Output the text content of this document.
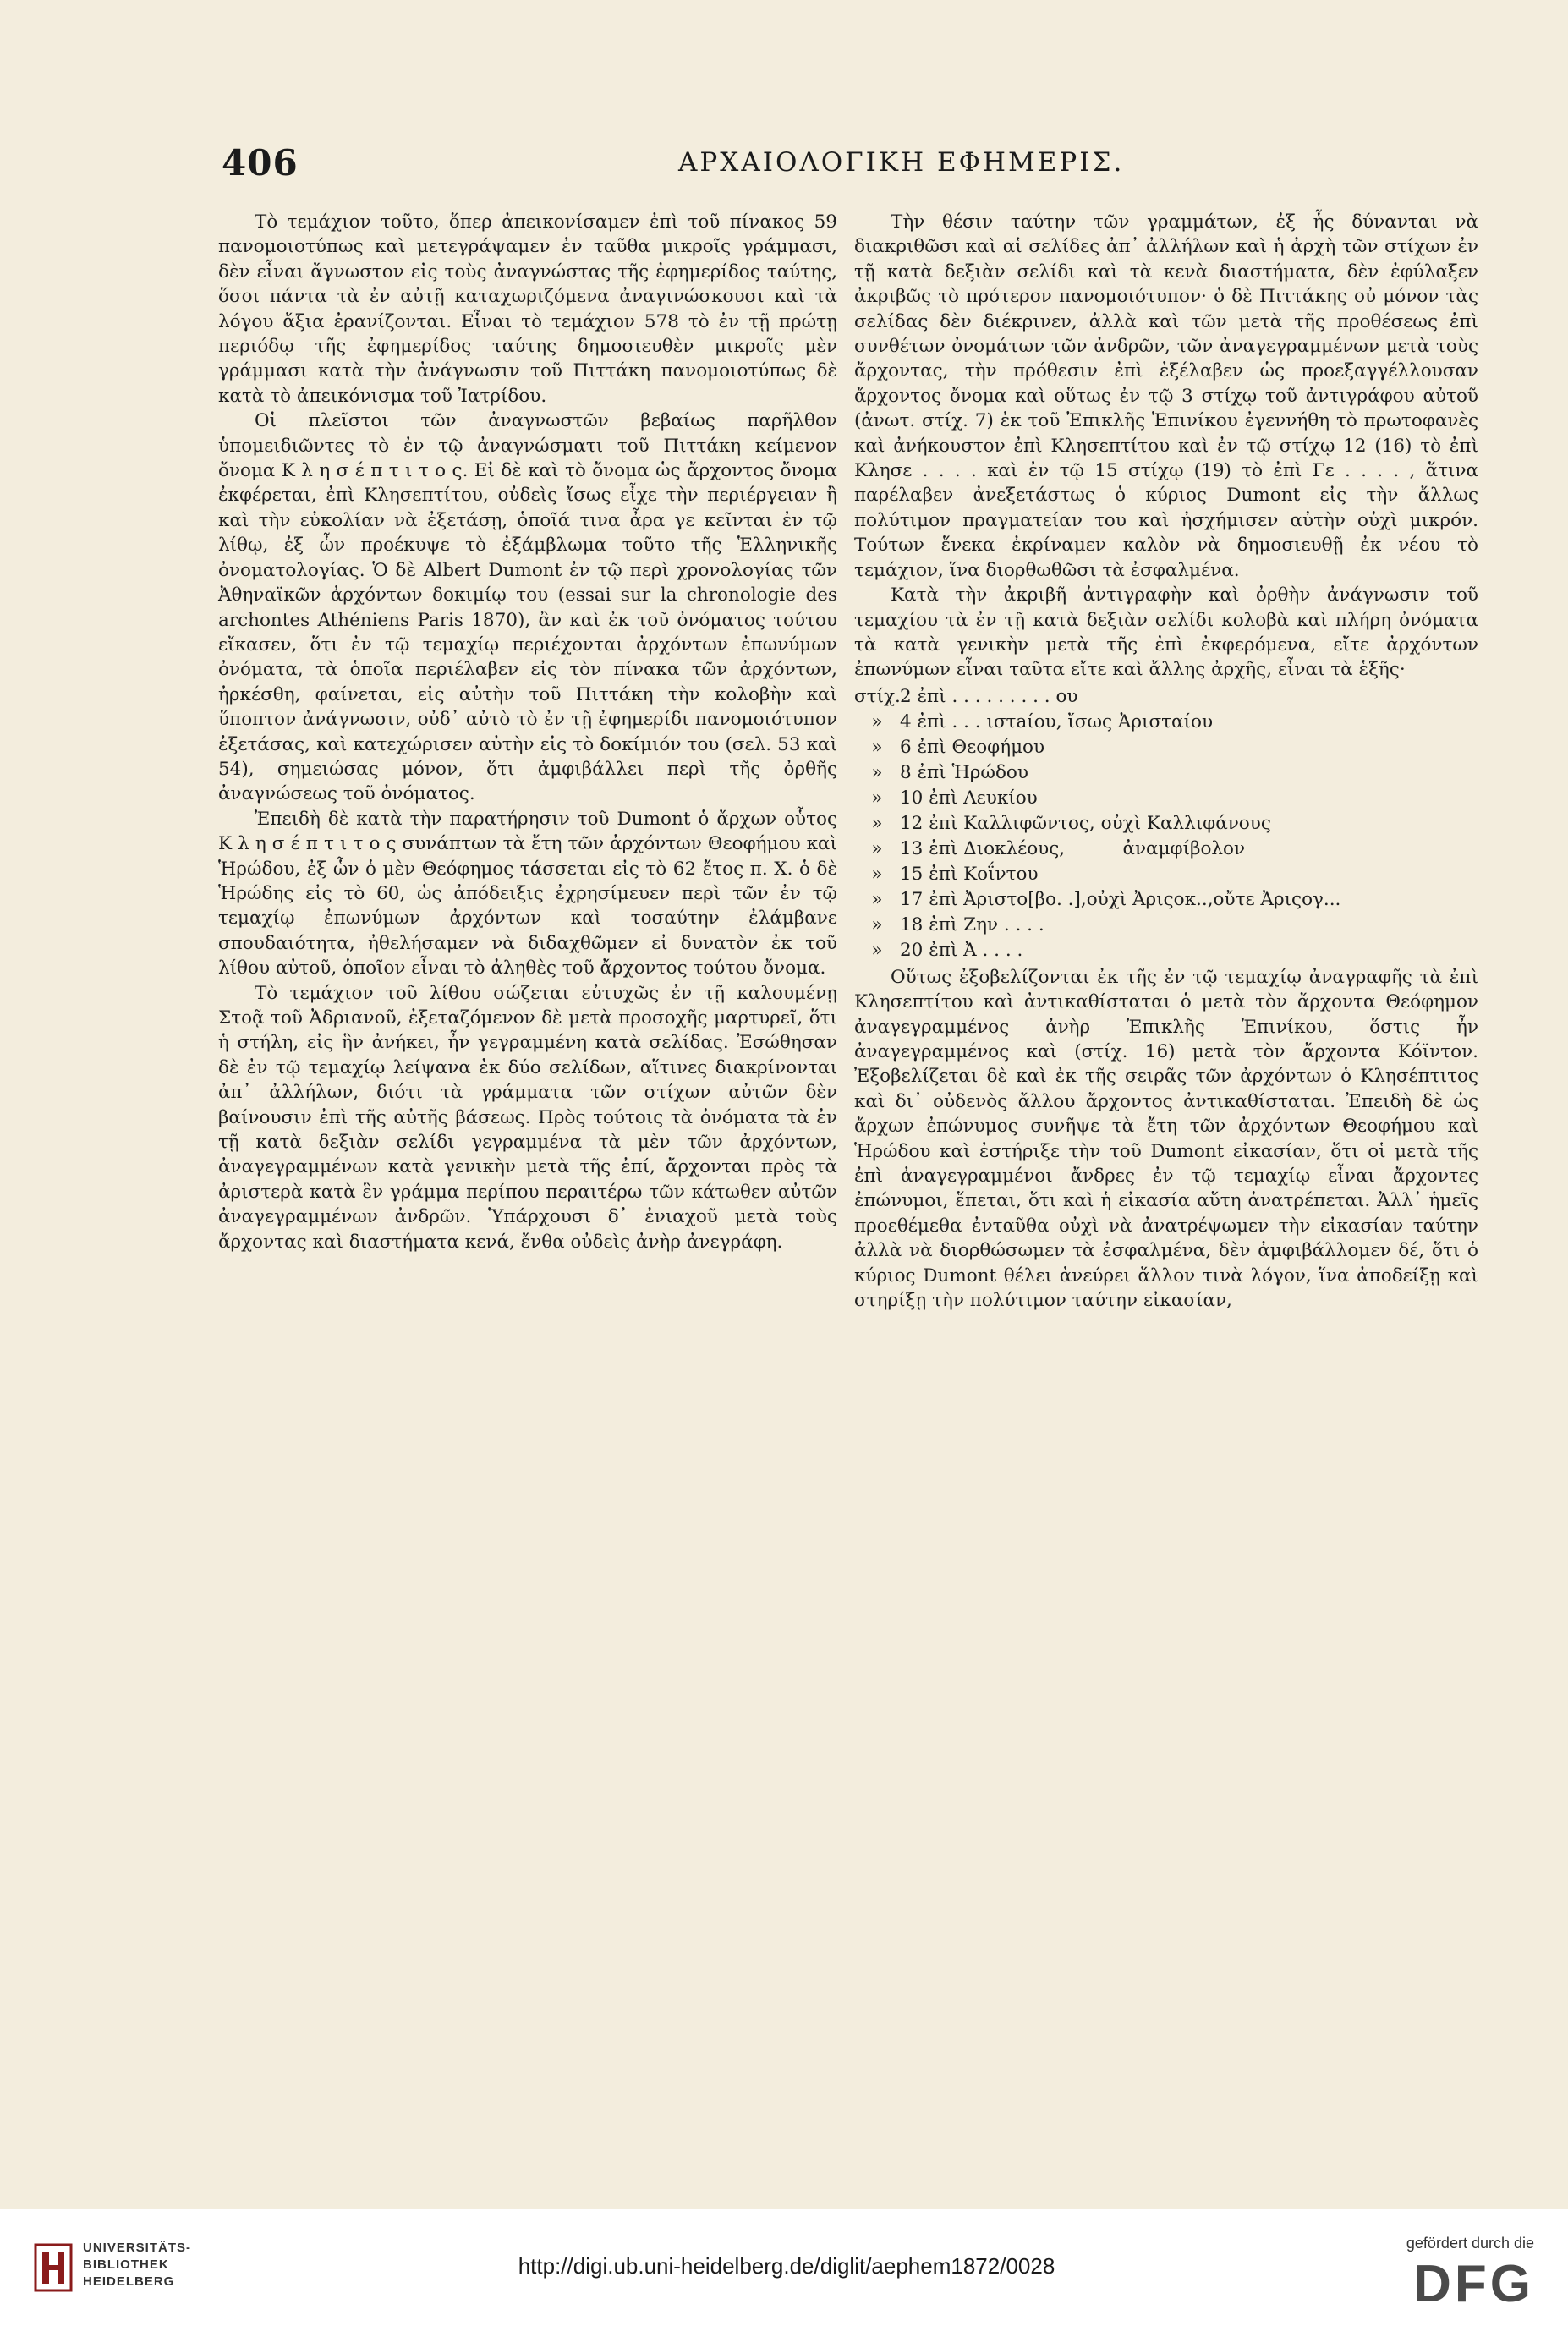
406	ΑΡΧΑΙΟΛΟΓΙΚΗ ΕΦΗΜΕΡΙΣ.

Τὸ τεμάχιον τοῦτο, ὅπερ ἀπεικονίσαμεν ἐπὶ τοῦ πίνακος 59 πανομοιοτύπως καὶ μετεγράψαμεν ἐν ταῦθα μικροῖς γράμμασι, δὲν εἶναι ἄγνωστον εἰς τοὺς ἀναγνώστας τῆς ἐφημερίδος ταύτης, ὅσοι πάντα τὰ ἐν αὐτῇ καταχωριζόμενα ἀναγινώσκουσι καὶ τὰ λόγου ἄξια ἐρανίζονται. Εἶναι τὸ τεμάχιον 578 τὸ ἐν τῇ πρώτῃ περιόδῳ τῆς ἐφημερίδος ταύτης δημοσιευθὲν μικροῖς μὲν γράμμασι κατὰ τὴν ἀνάγνωσιν τοῦ Πιττάκη πανομοιοτύπως δὲ κατὰ τὸ ἀπεικόνισμα τοῦ Ἰατρίδου.

Οἱ πλεῖστοι τῶν ἀναγνωστῶν βεβαίως παρῆλθον ὑπομειδιῶντες τὸ ἐν τῷ ἀναγνώσματι τοῦ Πιττάκη κείμενον ὄνομα Κ λ η σ έ π τ ι τ ο ς. Εἰ δὲ καὶ τὸ ὄνομα ὡς ἄρχοντος ὄνομα ἐκφέρεται, ἐπὶ Κλησεπτίτου, οὐδεὶς ἴσως εἶχε τὴν περιέργειαν ἢ καὶ τὴν εὐκολίαν νὰ ἐξετάσῃ, ὁποῖά τινα ἆρα γε κεῖνται ἐν τῷ λίθῳ, ἐξ ὧν προέκυψε τὸ ἐξάμβλωμα τοῦτο τῆς Ἑλληνικῆς ὀνοματολογίας. Ὁ δὲ Albert Dumont ἐν τῷ περὶ χρονολογίας τῶν Ἀθηναϊκῶν ἀρχόντων δοκιμίῳ του (essai sur la chronologie des archontes Athéniens Paris 1870), ἂν καὶ ἐκ τοῦ ὀνόματος τούτου εἴκασεν, ὅτι ἐν τῷ τεμαχίῳ περιέχονται ἀρχόντων ἐπωνύμων ὀνόματα, τὰ ὁποῖα περιέλαβεν εἰς τὸν πίνακα τῶν ἀρχόντων, ἠρκέσθη, φαίνεται, εἰς αὐτὴν τοῦ Πιττάκη τὴν κολοβὴν καὶ ὕποπτον ἀνάγνωσιν, οὐδ᾽ αὐτὸ τὸ ἐν τῇ ἐφημερίδι πανομοιότυπον ἐξετάσας, καὶ κατεχώρισεν αὐτὴν εἰς τὸ δοκίμιόν του (σελ. 53 καὶ 54), σημειώσας μόνον, ὅτι ἀμφιβάλλει περὶ τῆς ὀρθῆς ἀναγνώσεως τοῦ ὀνόματος.

Ἐπειδὴ δὲ κατὰ τὴν παρατήρησιν τοῦ Dumont ὁ ἄρχων οὗτος Κ λ η σ έ π τ ι τ ο ς συνάπτων τὰ ἔτη τῶν ἀρχόντων Θεοφήμου καὶ Ἡρώδου, ἐξ ὧν ὁ μὲν Θεόφημος τάσσεται εἰς τὸ 62 ἔτος π. Χ. ὁ δὲ Ἡρώδης εἰς τὸ 60, ὡς ἀπόδειξις ἐχρησίμευεν περὶ τῶν ἐν τῷ τεμαχίῳ ἐπωνύμων ἀρχόντων καὶ τοσαύτην ἐλάμβανε σπουδαιότητα, ἠθελήσαμεν νὰ διδαχθῶμεν εἰ δυνατὸν ἐκ τοῦ λίθου αὐτοῦ, ὁποῖον εἶναι τὸ ἀληθὲς τοῦ ἄρχοντος τούτου ὄνομα.

Τὸ τεμάχιον τοῦ λίθου σώζεται εὐτυχῶς ἐν τῇ καλουμένῃ Στοᾷ τοῦ Ἀδριανοῦ, ἐξεταζόμενον δὲ μετὰ προσοχῆς μαρτυρεῖ, ὅτι ἡ στήλη, εἰς ἣν ἀνήκει, ἦν γεγραμμένη κατὰ σελίδας. Ἐσώθησαν δὲ ἐν τῷ τεμαχίῳ λείψανα ἐκ δύο σελίδων, αἵτινες διακρίνονται ἀπ᾽ ἀλλήλων, διότι τὰ γράμματα τῶν στίχων αὐτῶν δὲν βαίνουσιν ἐπὶ τῆς αὐτῆς βάσεως. Πρὸς τούτοις τὰ ὀνόματα τὰ ἐν τῇ κατὰ δεξιὰν σελίδι γεγραμμένα τὰ μὲν τῶν ἀρχόντων, ἀναγεγραμμένων κατὰ γενικὴν μετὰ τῆς ἐπί, ἄρχονται πρὸς τὰ ἀριστερὰ κατὰ ἓν γράμμα περίπου περαιτέρω τῶν κάτωθεν αὐτῶν ἀναγεγραμμένων ἀνδρῶν. Ὑπάρχουσι δ᾽ ἐνιαχοῦ μετὰ τοὺς ἄρχοντας καὶ διαστήματα κενά, ἔνθα οὐδεὶς ἀνὴρ ἀνεγράφη.

Τὴν θέσιν ταύτην τῶν γραμμάτων, ἐξ ἧς δύνανται νὰ διακριθῶσι καὶ αἱ σελίδες ἀπ᾽ ἀλλήλων καὶ ἡ ἀρχὴ τῶν στίχων ἐν τῇ κατὰ δεξιὰν σελίδι καὶ τὰ κενὰ διαστήματα, δὲν ἐφύλαξεν ἀκριβῶς τὸ πρότερον πανομοιότυπον· ὁ δὲ Πιττάκης οὐ μόνον τὰς σελίδας δὲν διέκρινεν, ἀλλὰ καὶ τῶν μετὰ τῆς προθέσεως ἐπὶ συνθέτων ὀνομάτων τῶν ἀνδρῶν, τῶν ἀναγεγραμμένων μετὰ τοὺς ἄρχοντας, τὴν πρόθεσιν ἐπὶ ἐξέλαβεν ὡς προεξαγγέλλουσαν ἄρχοντος ὄνομα καὶ οὕτως ἐν τῷ 3 στίχῳ τοῦ ἀντιγράφου αὐτοῦ (ἀνωτ. στίχ. 7) ἐκ τοῦ Ἐπικλῆς Ἐπινίκου ἐγεννήθη τὸ πρωτοφανὲς καὶ ἀνήκουστον ἐπὶ Κλησεπτίτου καὶ ἐν τῷ στίχῳ 12 (16) τὸ ἐπὶ Κλησε . . . . καὶ ἐν τῷ 15 στίχῳ (19) τὸ ἐπὶ Γε . . . . , ἅτινα παρέλαβεν ἀνεξετάστως ὁ κύριος Dumont εἰς τὴν ἄλλως πολύτιμον πραγματείαν του καὶ ἠσχήμισεν αὐτὴν οὐχὶ μικρόν. Τούτων ἕνεκα ἐκρίναμεν καλὸν νὰ δημοσιευθῇ ἐκ νέου τὸ τεμάχιον, ἵνα διορθωθῶσι τὰ ἐσφαλμένα.

Κατὰ τὴν ἀκριβῆ ἀντιγραφὴν καὶ ὀρθὴν ἀνάγνωσιν τοῦ τεμαχίου τὰ ἐν τῇ κατὰ δεξιὰν σελίδι κολοβὰ καὶ πλήρη ὀνόματα τὰ κατὰ γενικὴν μετὰ τῆς ἐπὶ ἐκφερόμενα, εἴτε ἀρχόντων ἐπωνύμων εἶναι ταῦτα εἴτε καὶ ἄλλης ἀρχῆς, εἶναι τὰ ἑξῆς·

στίχ.2 ἐπὶ . . . . . . . . . ου
» 4 ἐπὶ . . . ιστaίου, ἴσως Ἀρισταίου
» 6 ἐπὶ Θεοφήμου
» 8 ἐπὶ Ἡρώδου
» 10 ἐπὶ Λευκίου
» 12 ἐπὶ Καλλιφῶντος, οὐχὶ Καλλιφάνους
» 13 ἐπὶ Διοκλέους,          ἀναμφίβολον
» 15 ἐπὶ Κοΐντου
» 17 ἐπὶ Ἀριστο[βο. .],οὐχὶ Ἀριςοκ..,οὔτε Ἀριςογ...
» 18 ἐπὶ Ζην . . . .
» 20 ἐπὶ Ἀ . . . .

Οὕτως ἐξοβελίζονται ἐκ τῆς ἐν τῷ τεμαχίῳ ἀναγραφῆς τὰ ἐπὶ Κλησεπτίτου καὶ ἀντικαθίσταται ὁ μετὰ τὸν ἄρχοντα Θεόφημον ἀναγεγραμμένος ἀνὴρ Ἐπικλῆς Ἐπινίκου, ὅστις ἦν ἀναγεγραμμένος καὶ (στίχ. 16) μετὰ τὸν ἄρχοντα Κόϊντον. Ἐξοβελίζεται δὲ καὶ ἐκ τῆς σειρᾶς τῶν ἀρχόντων ὁ Κλησέπτιτος καὶ δι᾽ οὐδενὸς ἄλλου ἄρχοντος ἀντικαθίσταται. Ἐπειδὴ δὲ ὡς ἄρχων ἐπώνυμος συνῆψε τὰ ἔτη τῶν ἀρχόντων Θεοφήμου καὶ Ἡρώδου καὶ ἐστήριξε τὴν τοῦ Dumont εἰκασίαν, ὅτι οἱ μετὰ τῆς ἐπὶ ἀναγεγραμμένοι ἄνδρες ἐν τῷ τεμαχίῳ εἶναι ἄρχοντες ἐπώνυμοι, ἕπεται, ὅτι καὶ ἡ εἰκασία αὕτη ἀνατρέπεται. Ἀλλ᾽ ἡμεῖς προεθέμεθα ἐνταῦθα οὐχὶ νὰ ἀνατρέψωμεν τὴν εἰκασίαν ταύτην ἀλλὰ νὰ διορθώσωμεν τὰ ἐσφαλμένα, δὲν ἀμφιβάλλομεν δέ, ὅτι ὁ κύριος Dumont θέλει ἀνεύρει ἄλλον τινὰ λόγον, ἵνα ἀποδείξῃ καὶ στηρίξῃ τὴν πολύτιμον ταύτην εἰκασίαν,

UNIVERSITÄTS-
BIBLIOTHEK
HEIDELBERG
http://digi.ub.uni-heidelberg.de/diglit/aephem1872/0028
gefördert durch die
DFG
